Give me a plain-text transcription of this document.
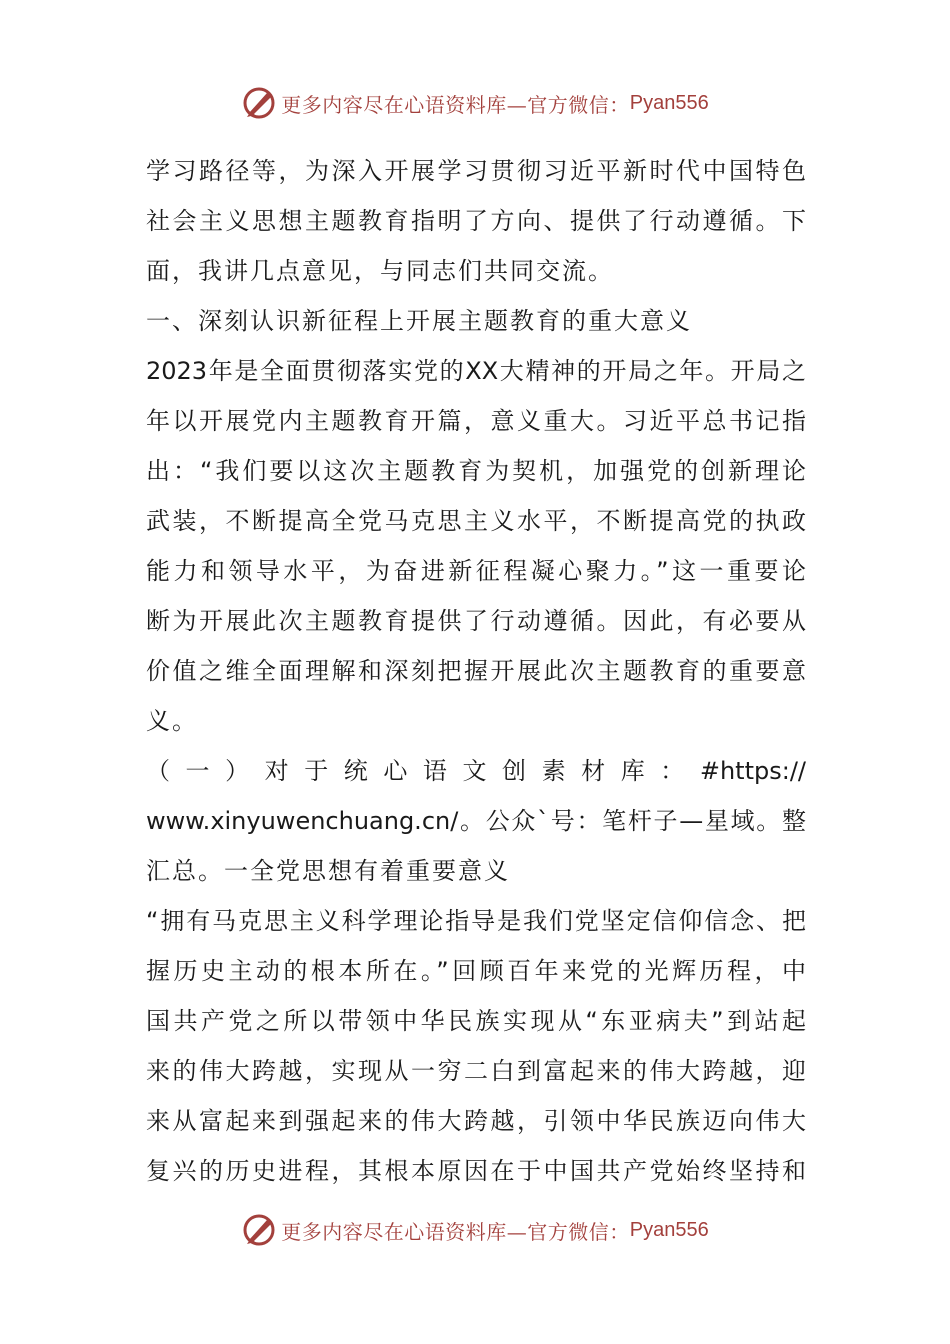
更多内容尽在心语资料库—官方微信： Pyan556
学习路径等，为深入开展学习贯彻习近平新时代中国特色
社会主义思想主题教育指明了方向、提供了行动遵循。下
面，我讲几点意见，与同志们共同交流。
一、深刻认识新征程上开展主题教育的重大意义
2023年是全面贯彻落实党的XX大精神的开局之年。开局之
年以开展党内主题教育开篇，意义重大。习近平总书记指
出：“我们要以这次主题教育为契机，加强党的创新理论
武装，不断提高全党马克思主义水平，不断提高党的执政
能力和领导水平，为奋进新征程凝心聚力。”这一重要论
断为开展此次主题教育提供了行动遵循。因此，有必要从
价值之维全面理解和深刻把握开展此次主题教育的重要意
义。
（ 一 ） 对 于 统 心 语 文 创 素 材 库 ： #https://
www.xinyuwenchuang.cn/。公众`号：笔杆子—星域。整
汇总。一全党思想有着重要意义
“拥有马克思主义科学理论指导是我们党坚定信仰信念、把
握历史主动的根本所在。”回顾百年来党的光辉历程，中
国共产党之所以带领中华民族实现从“东亚病夫”到站起
来的伟大跨越，实现从一穷二白到富起来的伟大跨越，迎
来从富起来到强起来的伟大跨越，引领中华民族迈向伟大
复兴的历史进程，其根本原因在于中国共产党始终坚持和
更多内容尽在心语资料库—官方微信： Pyan556
